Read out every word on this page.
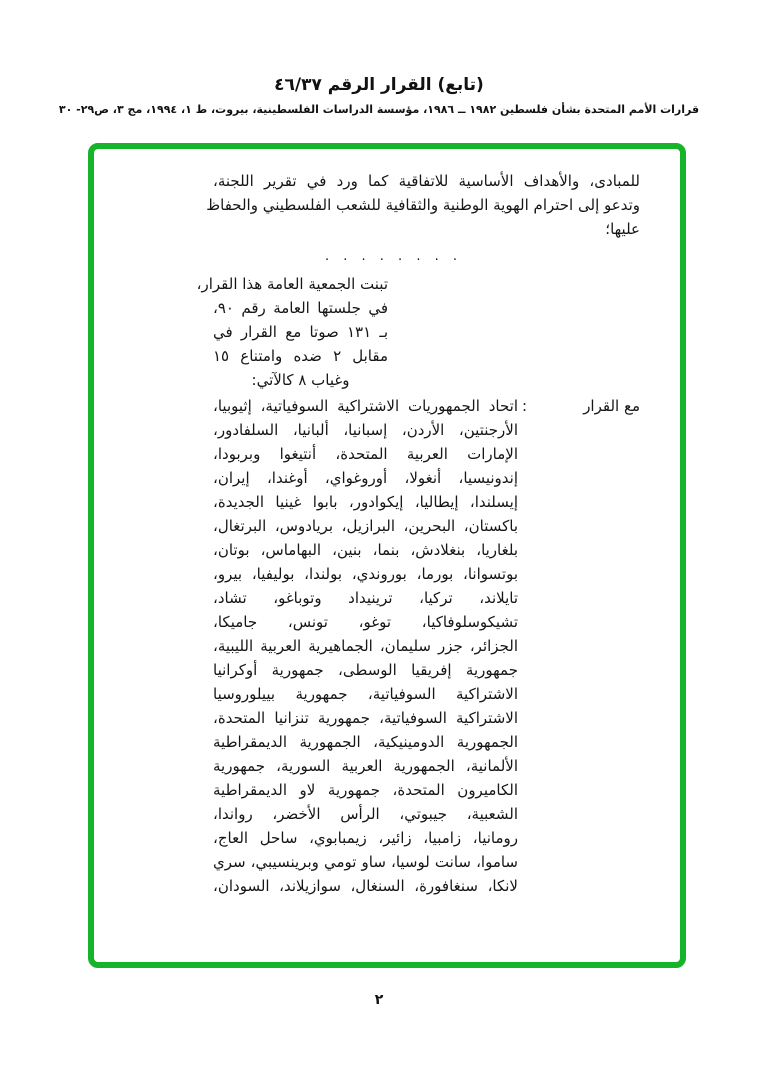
(تابع) القرار الرقم ٤٦/٣٧
قرارات الأمم المتحدة بشأن فلسطين ١٩٨٢ ــ ١٩٨٦، مؤسسة الدراسات الفلسطينية، بيروت، ط ١، ١٩٩٤، مج ٣، ص٢٩- ٣٠
للمبادى، والأهداف الأساسية للاتفاقية كما ورد في تقرير اللجنة،
وتدعو إلى احترام الهوية الوطنية والثقافية للشعب الفلسطيني والحفاظ
عليها؛
. . . . . . . .
تبنت الجمعية العامة هذا القرار،
في جلستها العامة رقم ٩٠،
بـ ١٣١ صوتا مع القرار في
مقابل ٢ ضده وامتناع ١٥
وغياب ٨ كالآتي:
مع القرار
:
اتحاد الجمهوريات الاشتراكية السوفياتية، إثيوبيا،
الأرجنتين، الأردن، إسبانيا، ألبانيا، السلفادور،
الإمارات العربية المتحدة، أنتيغوا وبربودا،
إندونيسيا، أنغولا، أوروغواي، أوغندا، إيران،
إيسلندا، إيطاليا، إيكوادور، بابوا غينيا الجديدة،
باكستان، البحرين، البرازيل، بريادوس، البرتغال،
بلغاريا، بنغلادش، بنما، بنين، البهاماس، بوتان،
بوتسوانا، بورما، بوروندي، بولندا، بوليفيا، بيرو،
تايلاند، تركيا، ترينيداد وتوباغو، تشاد،
تشيكوسلوفاكيا، توغو، تونس، جاميكا،
الجزائر، جزر سليمان، الجماهيرية العربية الليبية،
جمهورية إفريقيا الوسطى، جمهورية أوكرانيا
الاشتراكية السوفياتية، جمهورية بييلوروسيا
الاشتراكية السوفياتية، جمهورية تنزانيا المتحدة،
الجمهورية الدومينيكية، الجمهورية الديمقراطية
الألمانية، الجمهورية العربية السورية، جمهورية
الكاميرون المتحدة، جمهورية لاو الديمقراطية
الشعبية، جيبوتي، الرأس الأخضر، رواندا،
رومانيا، زامبيا، زائير، زيمبابوي، ساحل العاج،
ساموا، سانت لوسيا، ساو تومي وبرينسيبي، سري
لانكا، سنغافورة، السنغال، سوازيلاند، السودان،
٢
